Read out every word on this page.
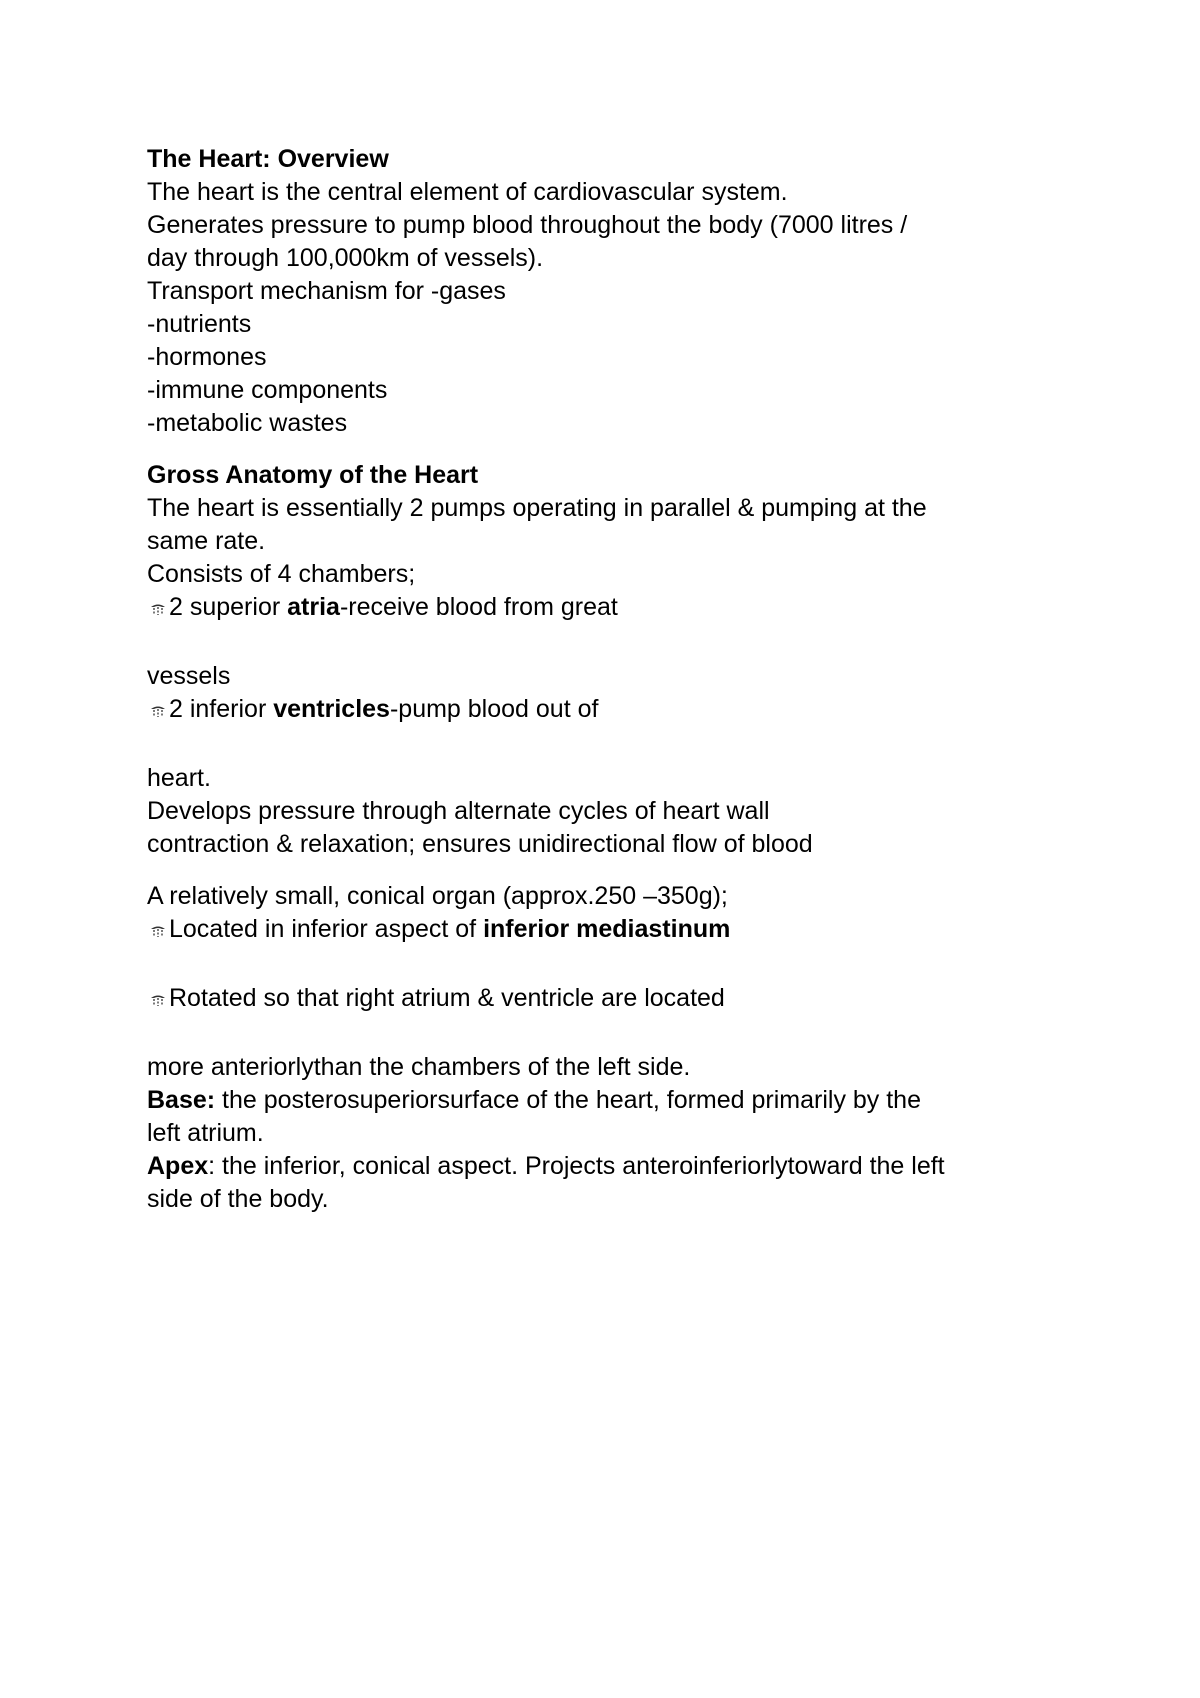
The Heart: Overview

The heart is the central element of cardiovascular system.

Generates pressure to pump blood throughout the body (7000 litres /

day through 100,000km of vessels).

Transport mechanism for -gases

-nutrients

-hormones

-immune components

-metabolic wastes

Gross Anatomy of the Heart

The heart is essentially 2 pumps operating in parallel & pumping at the

same rate.

Consists of 4 chambers;

2 superior atria-receive blood from great

vessels

2 inferior ventricles-pump blood out of

heart.

Develops pressure through alternate cycles of heart wall

contraction & relaxation; ensures unidirectional flow of blood

A relatively small, conical organ (approx.250 –350g);

Located in inferior aspect of inferior mediastinum

Rotated so that right atrium & ventricle are located

more anteriorlythan the chambers of the left side.

Base: the posterosuperiorsurface of the heart, formed primarily by the

left atrium.

Apex: the inferior, conical aspect. Projects anteroinferiorlytoward the left

side of the body.
